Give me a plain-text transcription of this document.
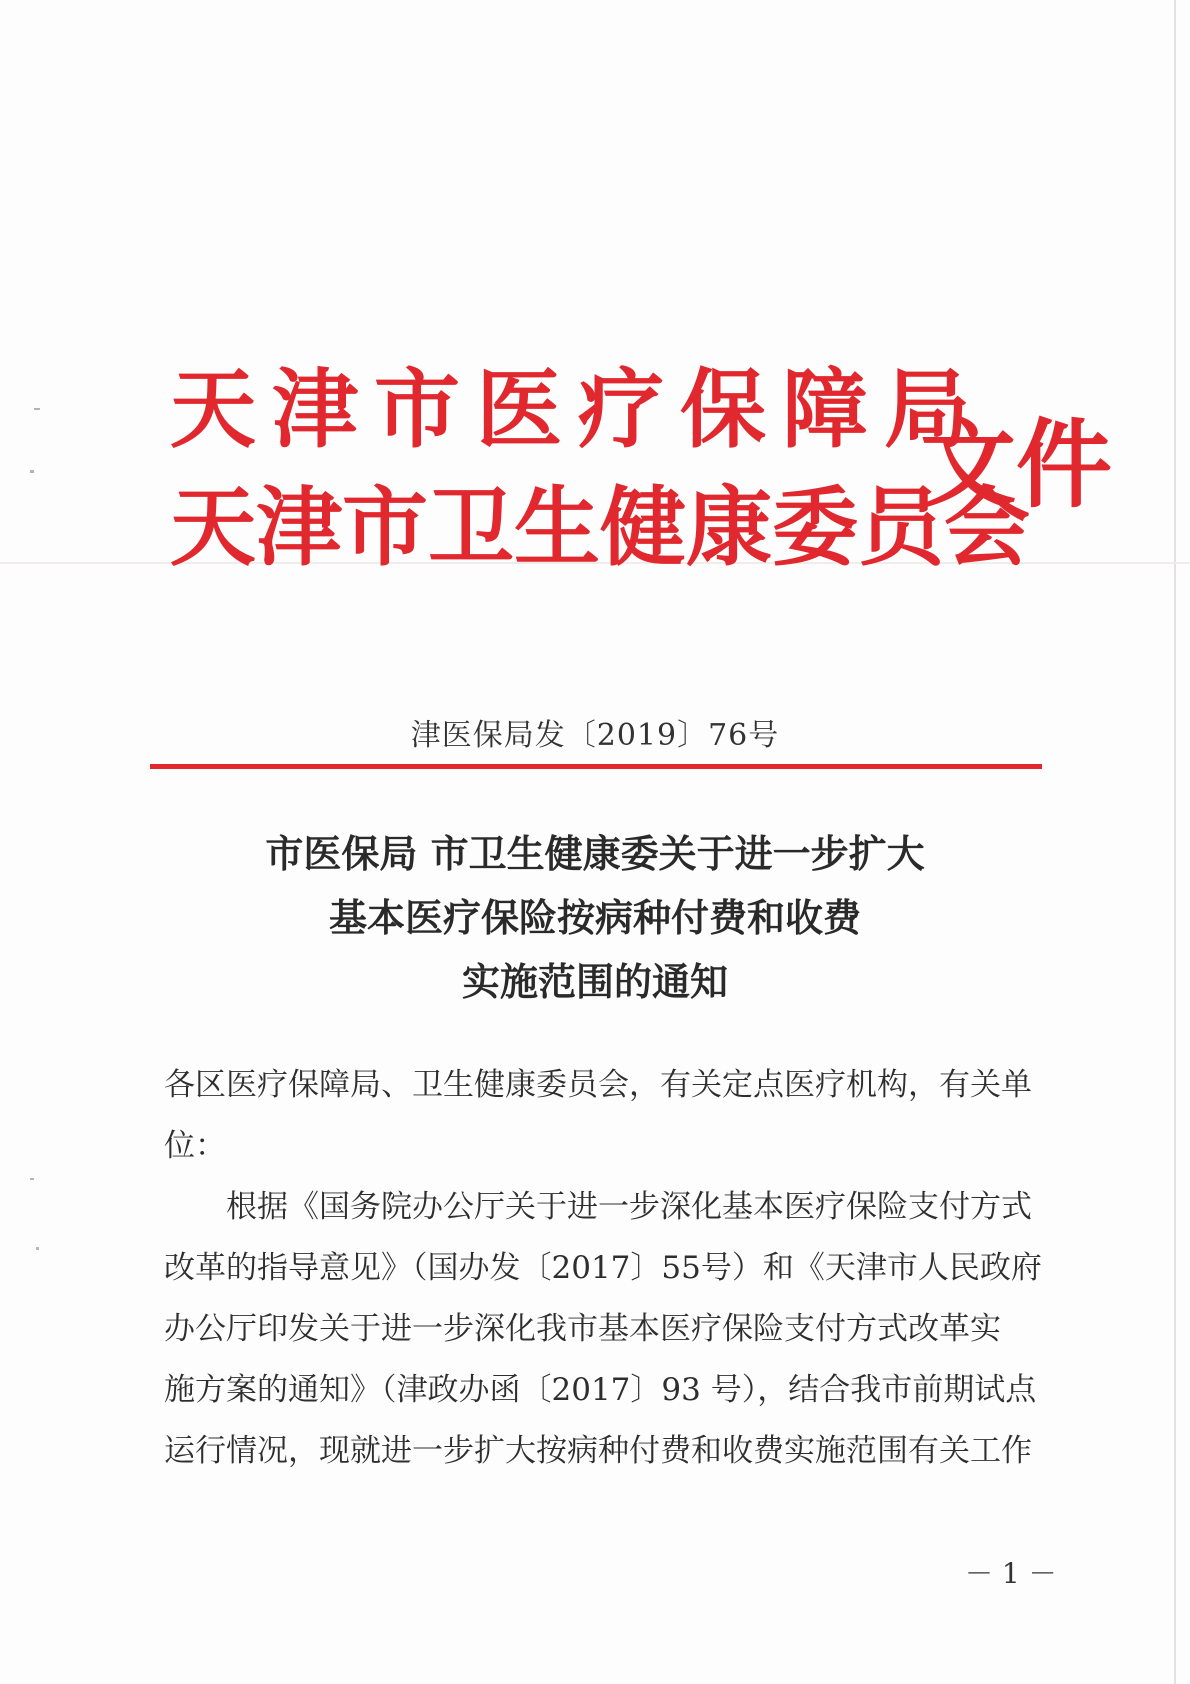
天津市医疗保障局
天津市卫生健康委员会
文件
津医保局发〔2019〕76号
市医保局 市卫生健康委关于进一步扩大
基本医疗保险按病种付费和收费
实施范围的通知

各区医疗保障局、卫生健康委员会，有关定点医疗机构，有关单

位：

根据《国务院办公厅关于进一步深化基本医疗保险支付方式

改革的指导意见》（国办发〔2017〕55号）和《天津市人民政府

办公厅印发关于进一步深化我市基本医疗保险支付方式改革实

施方案的通知》（津政办函〔2017〕93 号），结合我市前期试点

运行情况，现就进一步扩大按病种付费和收费实施范围有关工作

－ 1 －
